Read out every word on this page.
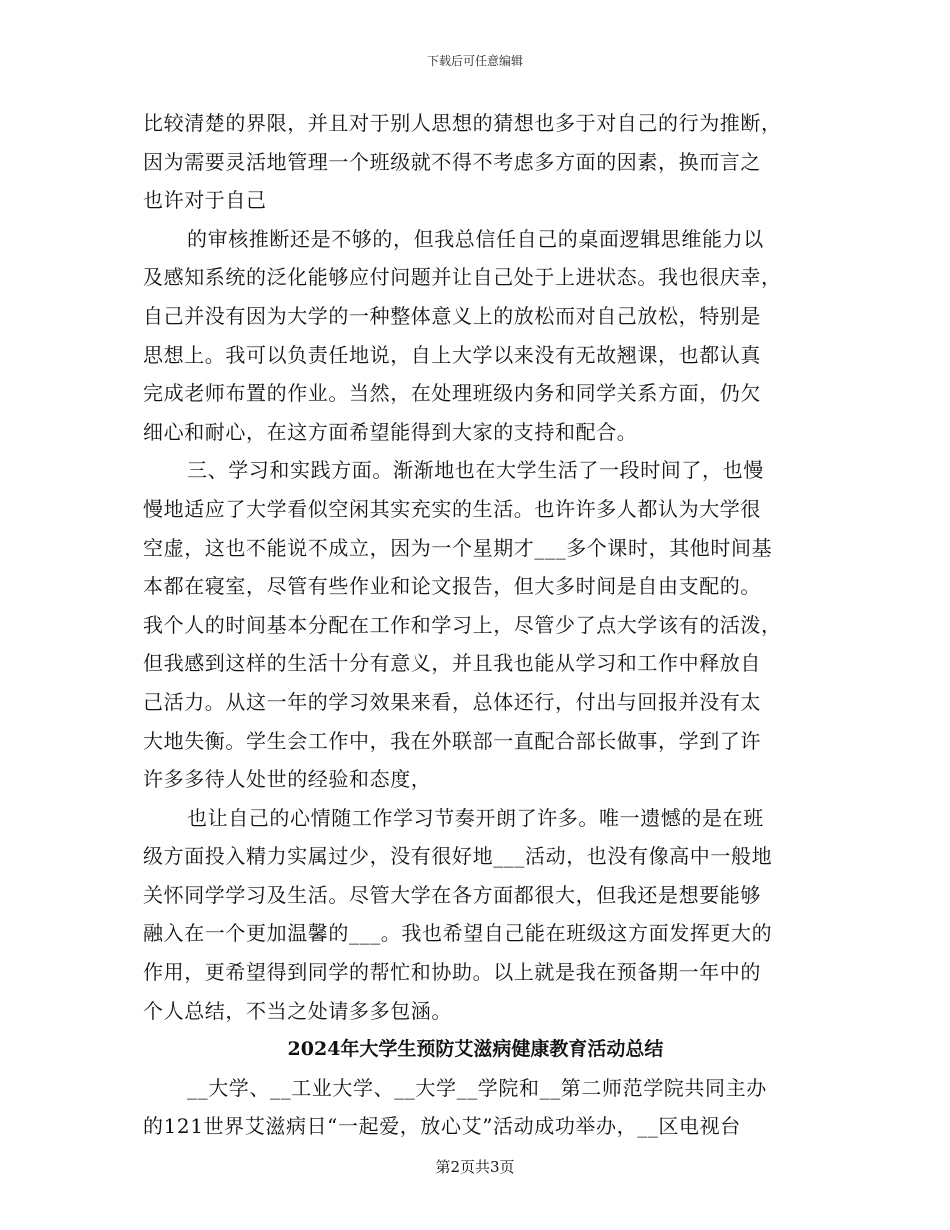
下载后可任意编辑
比较清楚的界限，并且对于别人思想的猜想也多于对自己的行为推断，
因为需要灵活地管理一个班级就不得不考虑多方面的因素，换而言之
也许对于自己
的审核推断还是不够的，但我总信任自己的桌面逻辑思维能力以
及感知系统的泛化能够应付问题并让自己处于上进状态。我也很庆幸，
自己并没有因为大学的一种整体意义上的放松而对自己放松，特别是
思想上。我可以负责任地说，自上大学以来没有无故翘课，也都认真
完成老师布置的作业。当然，在处理班级内务和同学关系方面，仍欠
细心和耐心，在这方面希望能得到大家的支持和配合。
三、学习和实践方面。渐渐地也在大学生活了一段时间了，也慢
慢地适应了大学看似空闲其实充实的生活。也许许多人都认为大学很
空虚，这也不能说不成立，因为一个星期才___多个课时，其他时间基
本都在寝室，尽管有些作业和论文报告，但大多时间是自由支配的。
我个人的时间基本分配在工作和学习上，尽管少了点大学该有的活泼，
但我感到这样的生活十分有意义，并且我也能从学习和工作中释放自
己活力。从这一年的学习效果来看，总体还行，付出与回报并没有太
大地失衡。学生会工作中，我在外联部一直配合部长做事，学到了许
许多多待人处世的经验和态度，
也让自己的心情随工作学习节奏开朗了许多。唯一遗憾的是在班
级方面投入精力实属过少，没有很好地___活动，也没有像高中一般地
关怀同学学习及生活。尽管大学在各方面都很大，但我还是想要能够
融入在一个更加温馨的___。我也希望自己能在班级这方面发挥更大的
作用，更希望得到同学的帮忙和协助。以上就是我在预备期一年中的
个人总结，不当之处请多多包涵。
2024年大学生预防艾滋病健康教育活动总结
__大学、__工业大学、__大学__学院和__第二师范学院共同主办
的121世界艾滋病日“一起爱，放心艾”活动成功举办，__区电视台
第2页共3页
